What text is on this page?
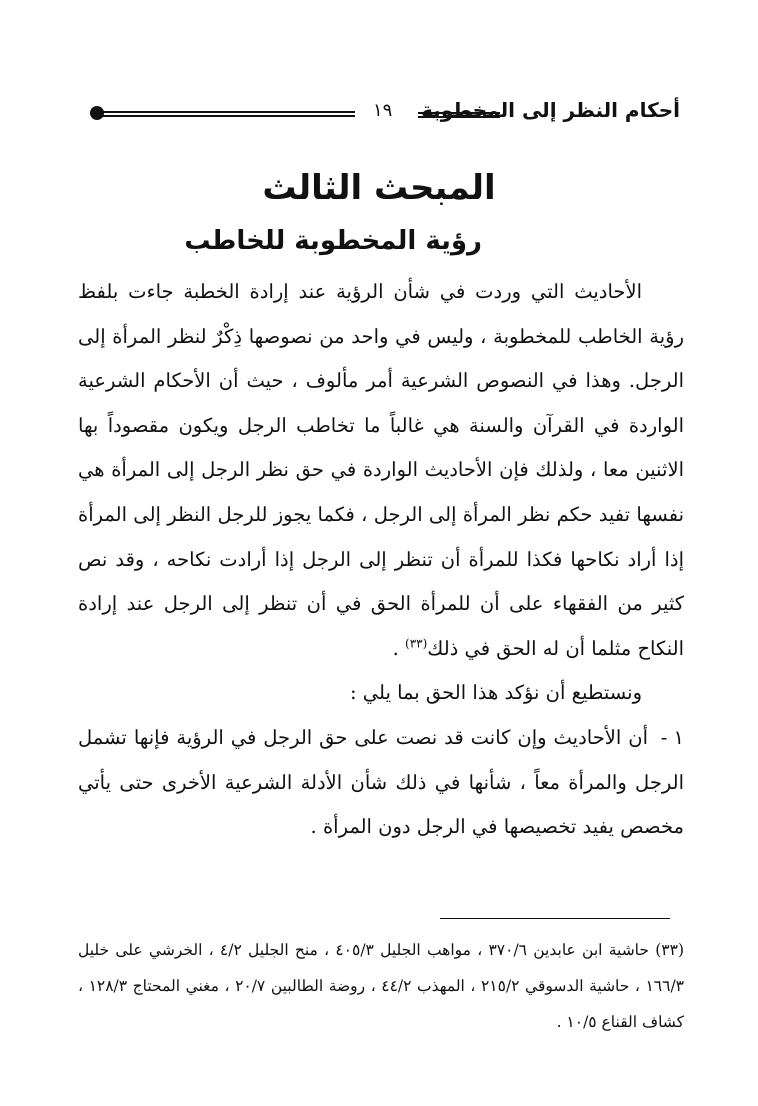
أحكام النظر إلى المخطوبة
١٩
المبحث الثالث
رؤية المخطوبة للخاطب

الأحاديث التي وردت في شأن الرؤية عند إرادة الخطبة جاءت بلفظ رؤية الخاطب للمخطوبة ، وليس في واحد من نصوصها ذِكْرٌ لنظر المرأة إلى الرجل. وهذا في النصوص الشرعية أمر مألوف ، حيث أن الأحكام الشرعية الواردة في القرآن والسنة هي غالباً ما تخاطب الرجل ويكون مقصوداً بها الاثنين معا ، ولذلك فإن الأحاديث الواردة في حق نظر الرجل إلى المرأة هي نفسها تفيد حكم نظر المرأة إلى الرجل ، فكما يجوز للرجل النظر إلى المرأة إذا أراد نكاحها فكذا للمرأة أن تنظر إلى الرجل إذا أرادت نكاحه ، وقد نص كثير من الفقهاء على أن للمرأة الحق في أن تنظر إلى الرجل عند إرادة النكاح مثلما أن له الحق في ذلك$^{(٣٣)}$ .

ونستطيع أن نؤكد هذا الحق بما يلي :

١ -أن الأحاديث وإن كانت قد نصت على حق الرجل في الرؤية فإنها تشمل الرجل والمرأة معاً ، شأنها في ذلك شأن الأدلة الشرعية الأخرى حتى يأتي مخصص يفيد تخصيصها في الرجل دون المرأة .

(٣٣) حاشية ابن عابدين ٣٧٠/٦ ، مواهب الجليل ٤٠٥/٣ ، منح الجليل ٤/٢ ، الخرشي على خليل ١٦٦/٣ ، حاشية الدسوقي ٢١٥/٢ ، المهذب ٤٤/٢ ، روضة الطالبين ٢٠/٧ ، مغني المحتاج ١٢٨/٣ ، كشاف القناع ١٠/٥ .
